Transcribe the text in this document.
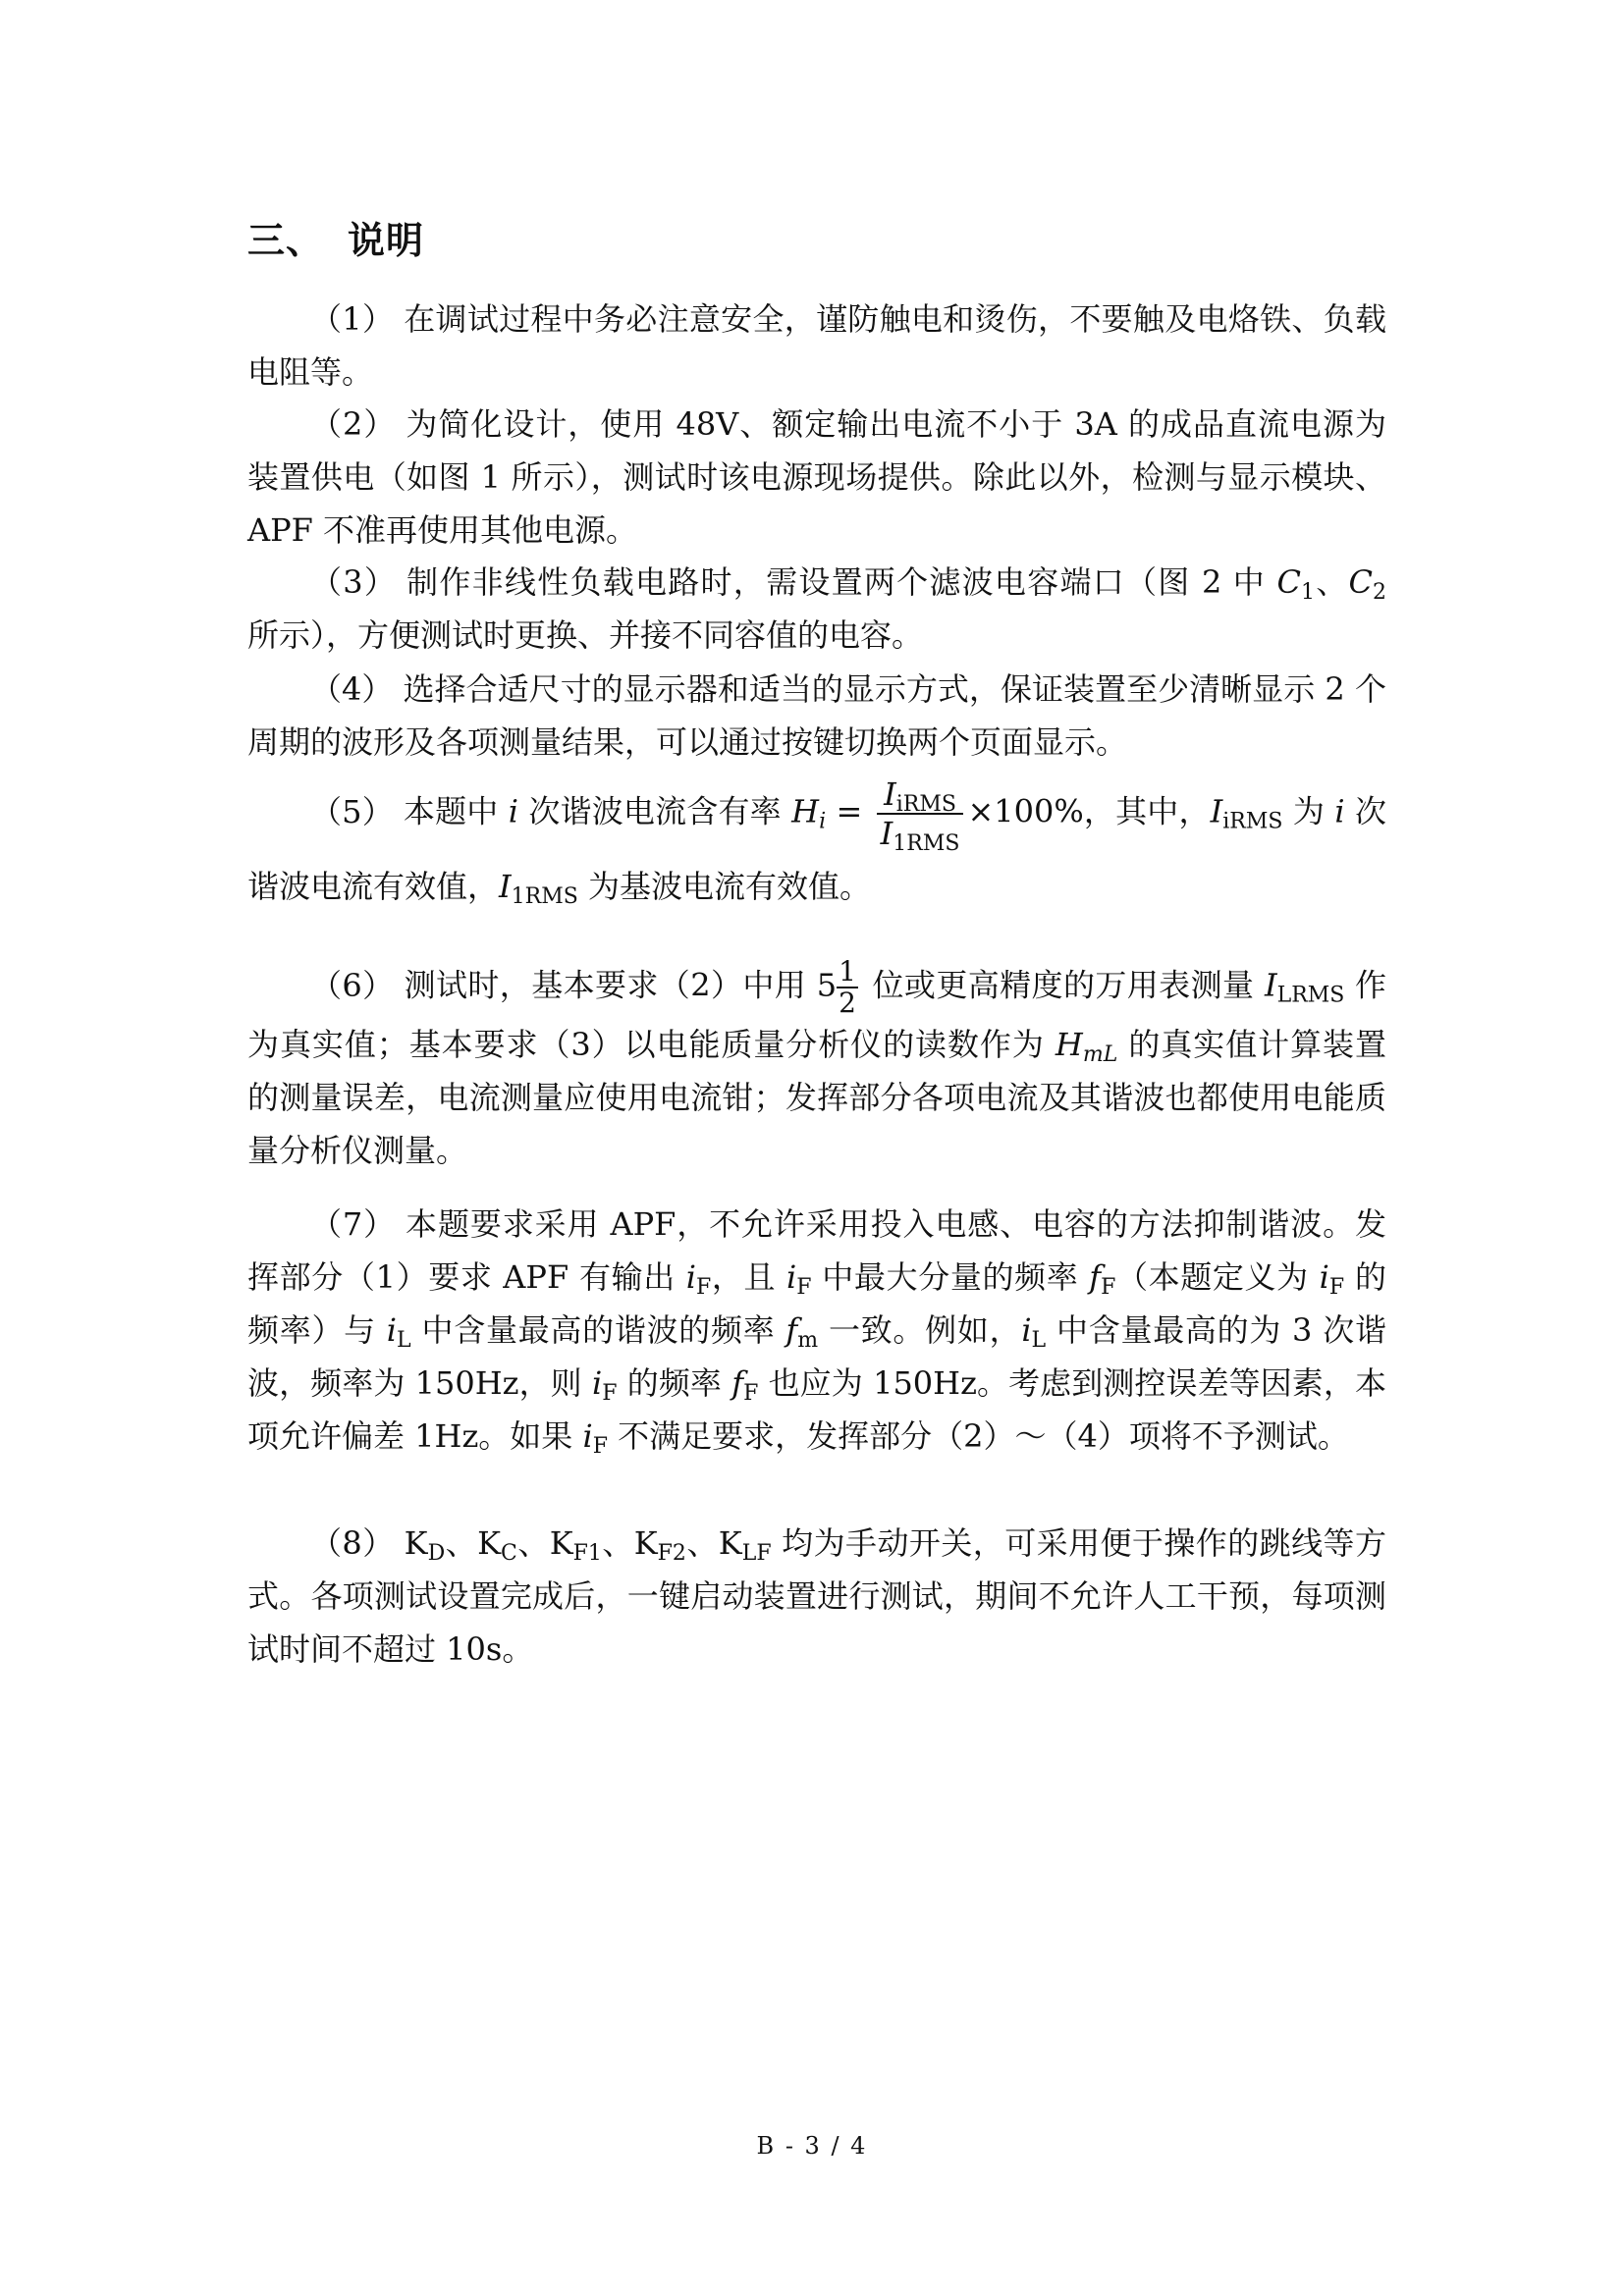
三、 说明
（1） 在调试过程中务必注意安全，谨防触电和烫伤，不要触及电烙铁、负载电阻等。
（2） 为简化设计，使用 48V、额定输出电流不小于 3A 的成品直流电源为装置供电（如图 1 所示），测试时该电源现场提供。除此以外，检测与显示模块、APF 不准再使用其他电源。
（3） 制作非线性负载电路时，需设置两个滤波电容端口（图 2 中 $C_1$、$C_2$ 所示），方便测试时更换、并接不同容值的电容。
（4） 选择合适尺寸的显示器和适当的显示方式，保证装置至少清晰显示 2 个周期的波形及各项测量结果，可以通过按键切换两个页面显示。
（5） 本题中 i 次谐波电流含有率 $H_i = \frac{I_{iRMS}}{I_{1RMS}} \times 100\%$，其中，$I_{iRMS}$ 为 i 次谐波电流有效值，$I_{1RMS}$ 为基波电流有效值。
（6） 测试时，基本要求（2）中用 $5 \frac{1}{2}$ 位或更高精度的万用表测量 $I_{LRMS}$ 作为真实值；基本要求（3）以电能质量分析仪的读数作为 $H_{mL}$ 的真实值计算装置的测量误差，电流测量应使用电流钳；发挥部分各项电流及其谐波也都使用电能质量分析仪测量。
（7） 本题要求采用 APF，不允许采用投入电感、电容的方法抑制谐波。发挥部分（1）要求 APF 有输出 $i_F$，且 $i_F$ 中最大分量的频率 $f_F$（本题定义为 $i_F$ 的频率）与 $i_L$ 中含量最高的谐波的频率 $f_m$ 一致。例如，$i_L$ 中含量最高的为 3 次谐波，频率为 150Hz，则 $i_F$ 的频率 $f_F$ 也应为 150Hz。考虑到测控误差等因素，本项允许偏差 1Hz。如果 $i_F$ 不满足要求，发挥部分（2）～（4）项将不予测试。
（8） $K_D$、$K_C$、$K_{F1}$、$K_{F2}$、$K_{LF}$ 均为手动开关，可采用便于操作的跳线等方式。各项测试设置完成后，一键启动装置进行测试，期间不允许人工干预，每项测试时间不超过 10s。
B - 3 / 4
